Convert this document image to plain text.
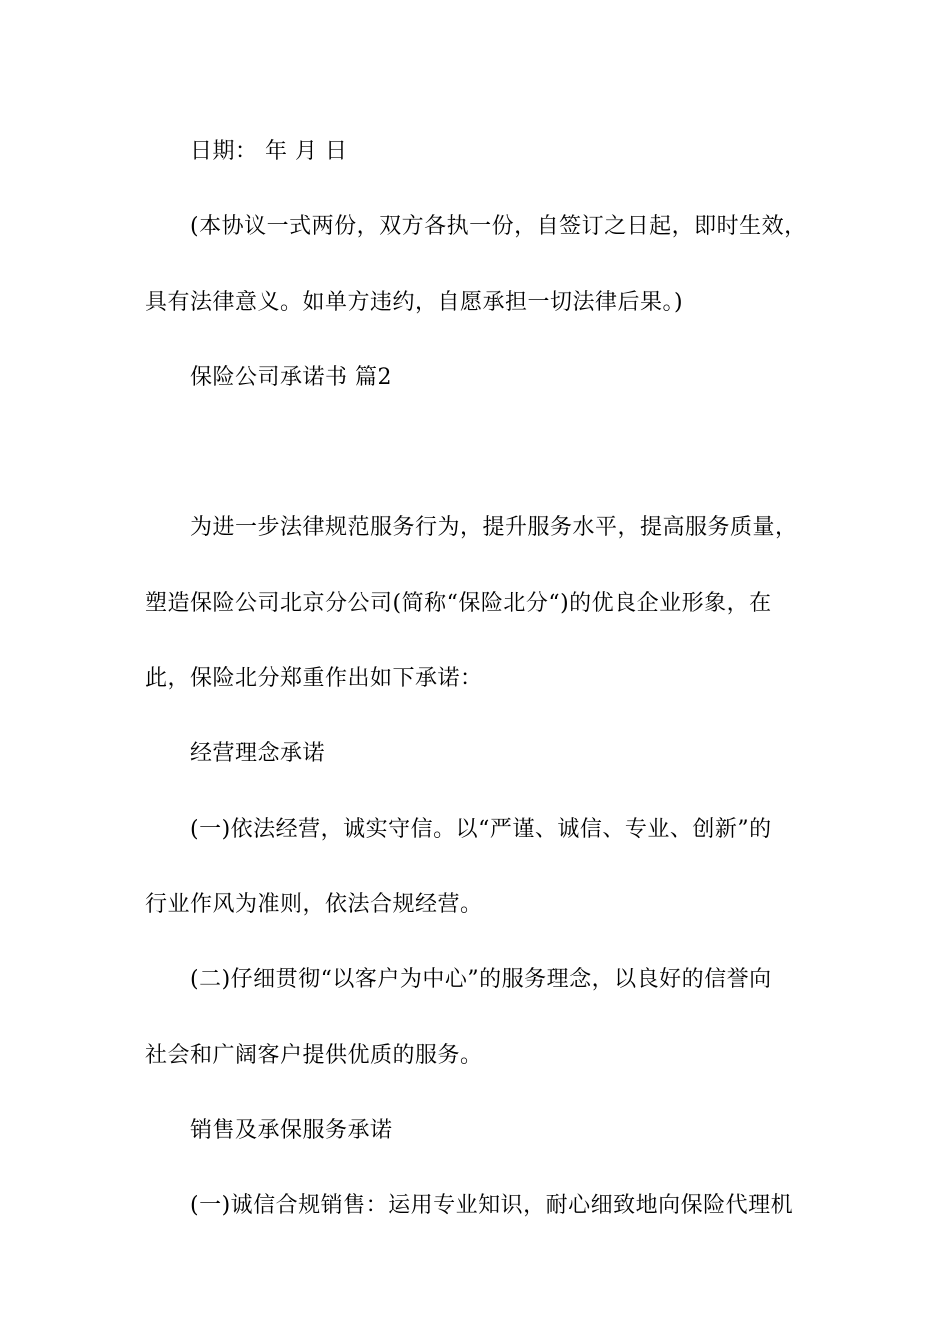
日期： 年 月 日
(本协议一式两份，双方各执一份，自签订之日起，即时生效，
具有法律意义。如单方违约，自愿承担一切法律后果。)
保险公司承诺书 篇2
为进一步法律规范服务行为，提升服务水平，提高服务质量，
塑造保险公司北京分公司(简称“保险北分“)的优良企业形象，在
此，保险北分郑重作出如下承诺：
经营理念承诺
(一)依法经营，诚实守信。以“严谨、诚信、专业、创新”的
行业作风为准则，依法合规经营。
(二)仔细贯彻“以客户为中心”的服务理念，以良好的信誉向
社会和广阔客户提供优质的服务。
销售及承保服务承诺
(一)诚信合规销售：运用专业知识，耐心细致地向保险代理机
